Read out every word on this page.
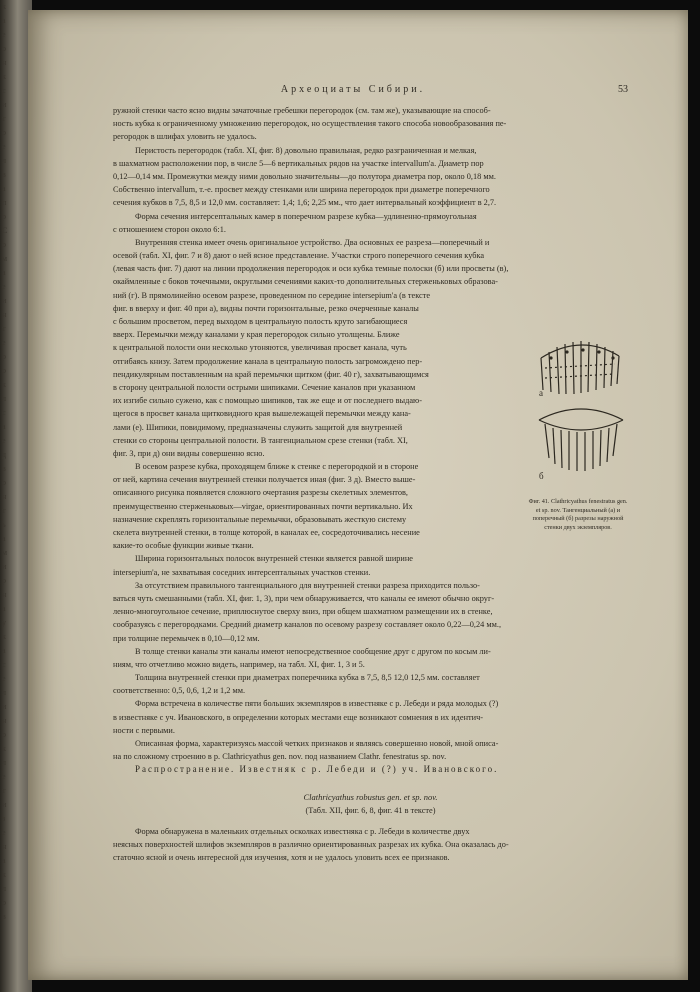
к
а
е
о
н
к
с
и
т
о
е
л
в
а
п
р
С
о
м
а
е
и
н
т
е
р
о
к
л
с
а
е
д
в
о
н
т
ь
а
м
и
р
н
а
у
к
а
с
е
л
и
н
о
к
л
е
т
и
з
е
н
а
к
л
о
в
Археоциаты Сибири.	53
ружной стенки часто ясно видны зачаточные гребешки перегородок (см. там же), указывающие на способ-
ность кубка к ограниченному умножению перегородок, но осуществления такого способа новообразования пе-
регородок в шлифах уловить не удалось.
Перистость перегородок (табл. XI, фиг. 8) довольно правильная, редко разграниченная и мелкая,
в шахматном расположении пор, в числе 5—6 вертикальных рядов на участке intervallum'a. Диаметр пор
0,12—0,14 мм. Промежутки между ними довольно значительны—до полутора диаметра пор, около 0,18 мм.
Собственно intervallum, т.-е. просвет между стенками или ширина перегородок при диаметре поперечного
сечения кубков в 7,5, 8,5 и 12,0 мм. составляет: 1,4; 1,6; 2,25 мм., что дает интервальный коэффициент в 2,7.
Форма сечения интерсептальных камер в поперечном разрезе кубка—удлиненно-прямоугольная
с отношением сторон около 6:1.
Внутренняя стенка имеет очень оригинальное устройство. Два основных ее разреза—поперечный и
осевой (табл. XI, фиг. 7 и 8) дают о ней ясное представление. Участки строго поперечного сечения кубка
(левая часть фиг. 7) дают на линии продолжения перегородок и оси кубка темные полоски (б) или просветы (в),
окаймленные с боков точечными, округлыми сечениями каких-то дополнительных стерженьковых образова-
ний (г). В прямолинейно осевом разрезе, проведенном по середине intersepium'a (в тексте
фиг. в вверху и фиг. 40 при а), видны почти горизонтальные, резко очерченные каналы
с большим просветом, перед выходом в центральную полость круто загибающиеся
вверх. Перемычки между каналами у края перегородок сильно утолщены. Ближе
к центральной полости они несколько утоняются, увеличивая просвет канала, чуть
отгибаясь книзу. Затем продолжение канала в центральную полость загромождено пер-
пендикулярным поставленным на край перемычки щитком (фиг. 40 г), захватывающимся
в сторону центральной полости острыми шипиками. Сечение каналов при указанном
их изгибе сильно сужено, как с помощью шипиков, так же еще и от последнего выдаю-
щегося в просвет канала щитковидного края вышележащей перемычки между кана-
лами (е). Шипики, повидимому, предназначены служить защитой для внутренней
стенки со стороны центральной полости. В тангенциальном срезе стенки (табл. XI,
фиг. 3, при д) они видны совершенно ясно.
В осевом разрезе кубка, проходящем ближе к стенке с перегородкой и в стороне
от ней, картина сечения внутренней стенки получается иная (фиг. 3 д). Вместо выше-
описанного рисунка появляется сложного очертания разрезы скелетных элементов,
преимущественно стерженьковых—virgae, ориентированных почти вертикально. Их
назначение скреплять горизонтальные перемычки, образовывать жесткую систему
скелета внутренней стенки, в толще которой, в каналах ее, сосредоточивались несение
какие-то особые функции живые ткани.
Ширина горизонтальных полосок внутренней стенки является равной ширине
intersepium'a, не захватывая соседних интерсептальных участков стенки.
За отсутствием правильного тангенциального для внутренней стенки разреза приходится пользо-
ваться чуть смешанными (табл. XI, фиг. 1, 3), при чем обнаруживается, что каналы ее имеют обычно округ-
ленно-многоугольное сечение, приплюснутое сверху вниз, при общем шахматном размещении их в стенке,
сообразуясь с перегородками. Средний диаметр каналов по осевому разрезу составляет около 0,22—0,24 мм.,
при толщине перемычек в 0,10—0,12 мм.
В толще стенки каналы эти каналы имеют непосредственное сообщение друг с другом по косым ли-
ниям, что отчетливо можно видеть, например, на табл. XI, фиг. 1, 3 и 5.
Толщина внутренней стенки при диаметрах поперечника кубка в 7,5, 8,5 12,0 12,5 мм. составляет
соответственно: 0,5, 0,6, 1,2 и 1,2 мм.
Форма встречена в количестве пяти больших экземпляров в известняке с р. Лебеди и ряда молодых (?)
в известняке с уч. Ивановского, в определении которых местами еще возникают сомнения в их идентич-
ности с первыми.
Описанная форма, характеризуясь массой четких признаков и являясь совершенно новой, мной описа-
на по сложному строению в р. Clathricyathus gen. nov. под названием Clathr. fenestratus sp. nov.
Распространение. Известняк с р. Лебеди и (?) уч. Ивановского.
Clathricyathus robustus gen. et sp. nov.
(Табл. XII, фиг. 6, 8, фиг. 41 в тексте)
Форма обнаружена в маленьких отдельных осколках известняка с р. Лебеди в количестве двух
неясных поверхностей шлифов экземпляров в различно ориентированных разрезах их кубка. Она оказалась до-
статочно ясной и очень интересной для изучения, хотя и не удалось уловить всех ее признаков.
а
б
Фиг. 41. Clathricyathus fenestratus gen. et sp. nov. Тангенциальный (а) и поперечный (б) разрезы наружной стенки двух экземпляров.
